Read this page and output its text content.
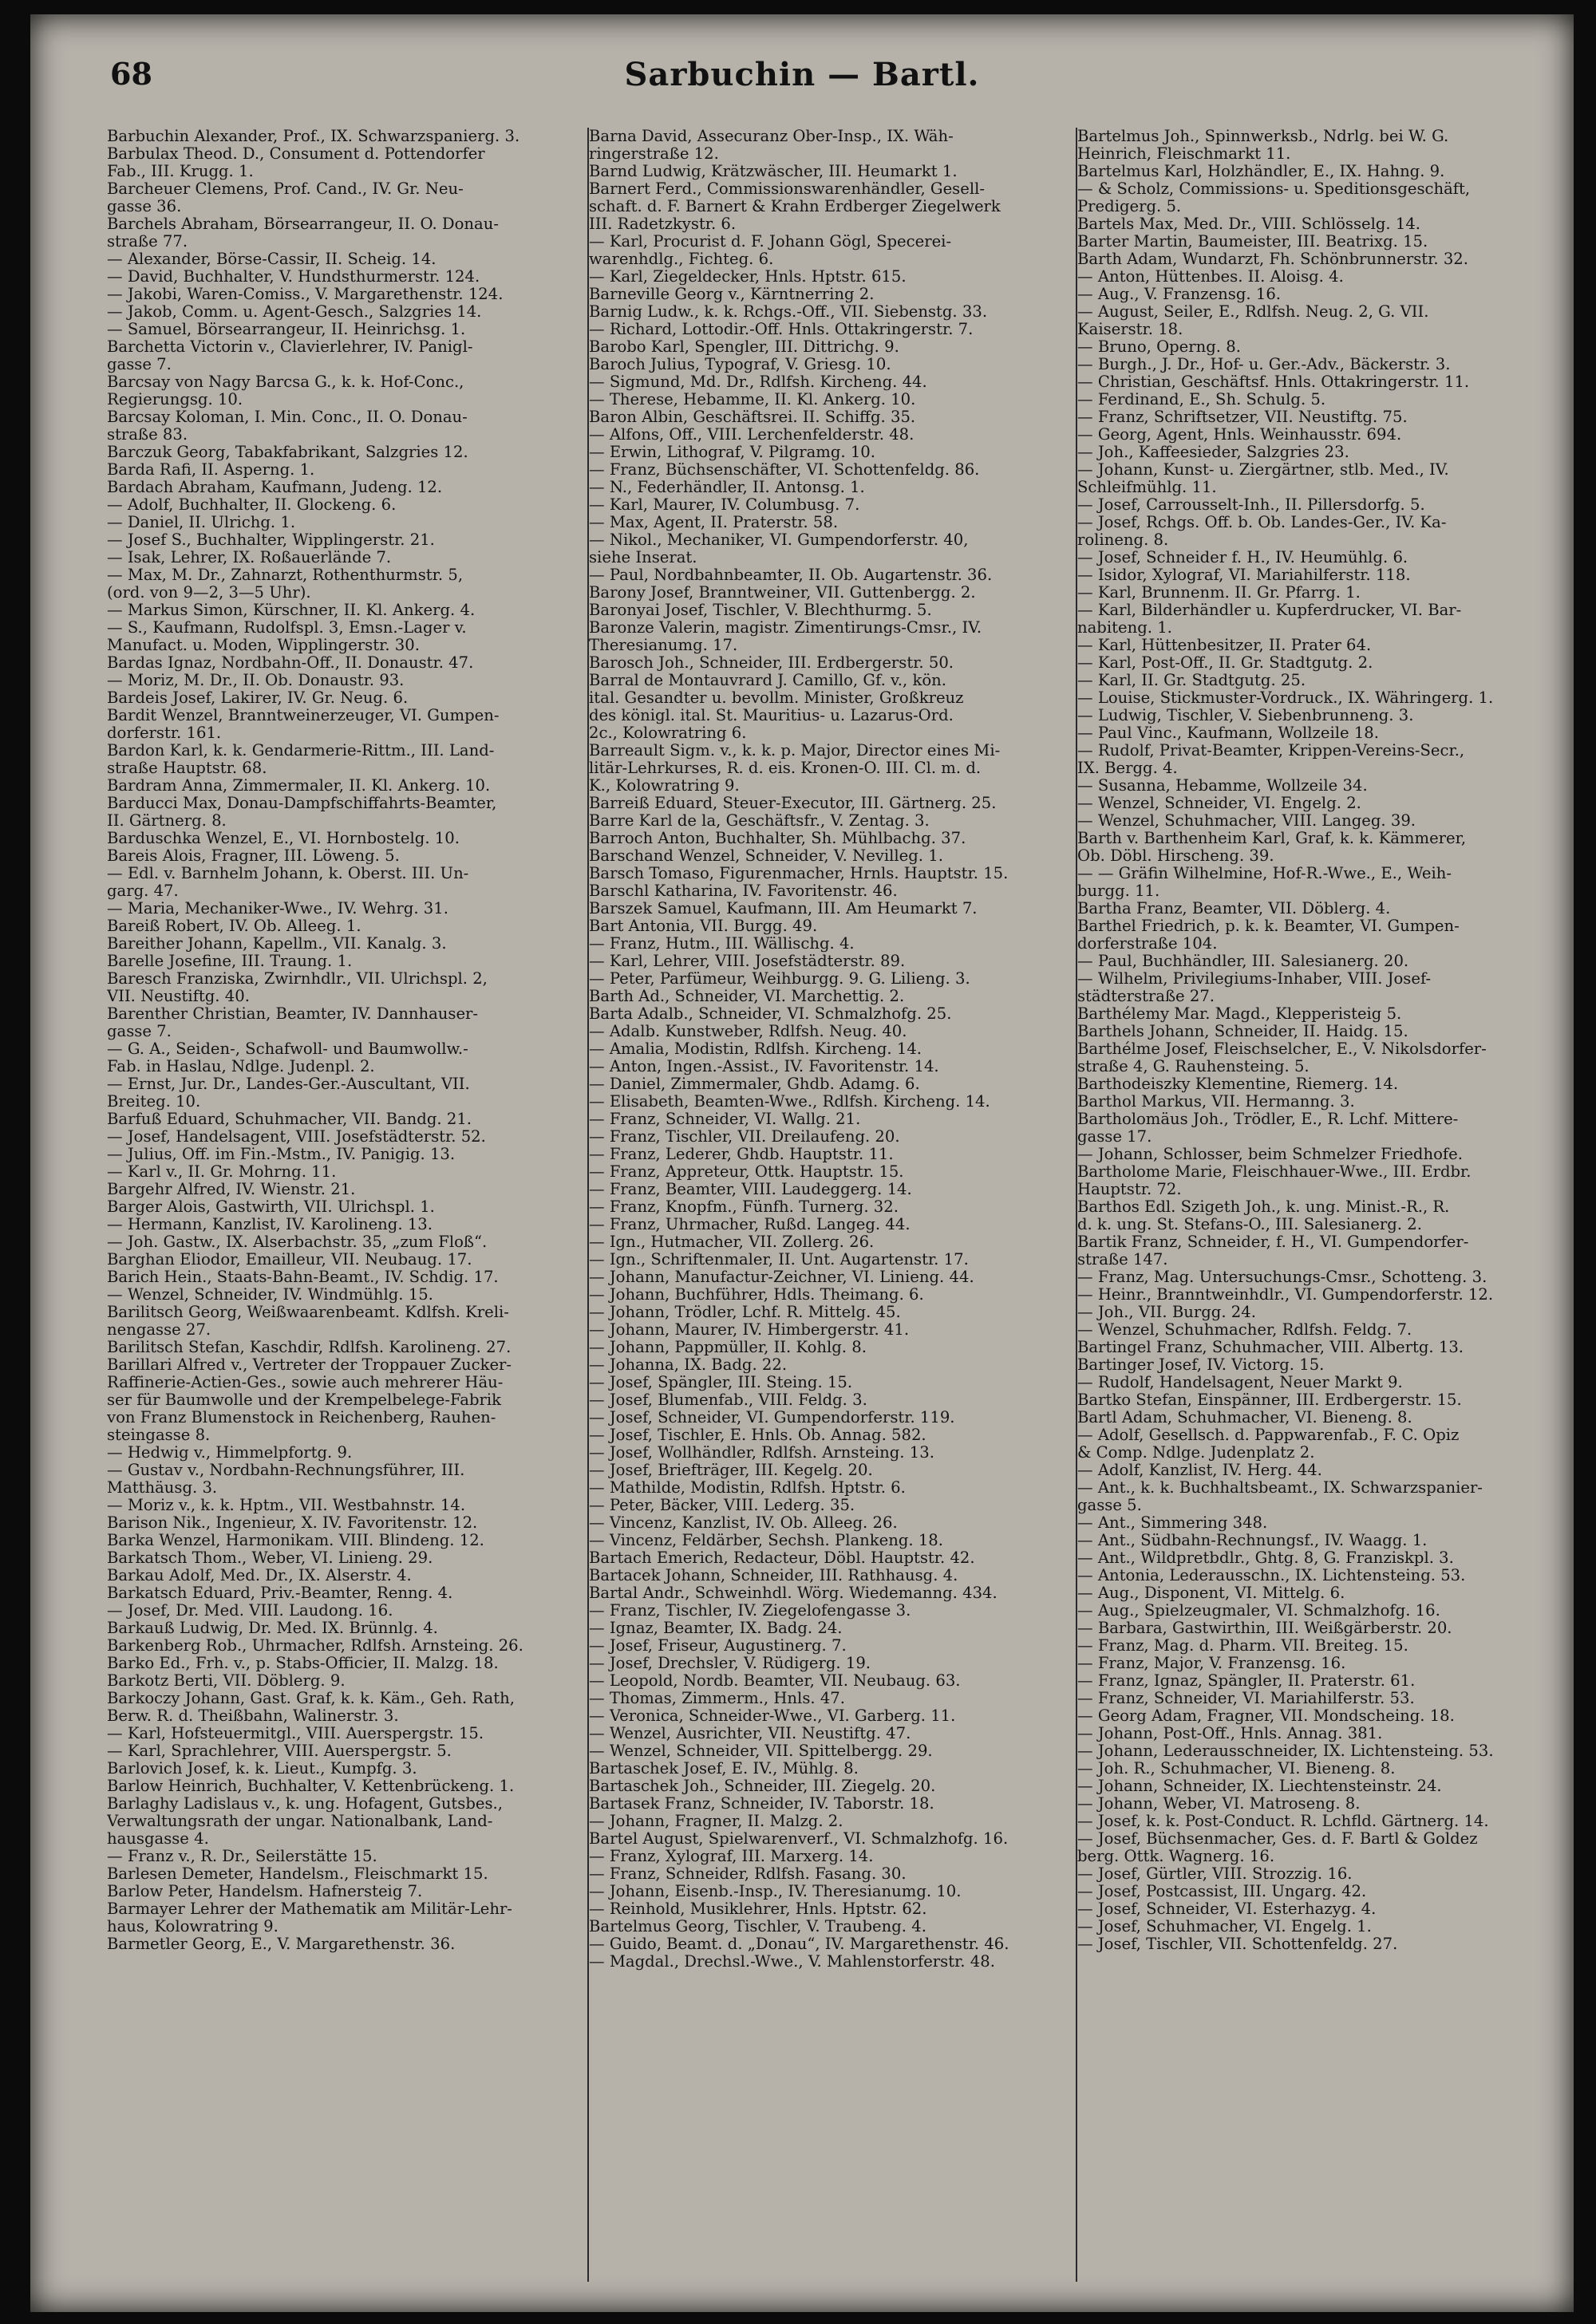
68	Sarbuchin — Bartl.
Barbuchin Alexander, Prof., IX. Schwarzspanierg. 3.
Barbulax Theod. D., Consument d. Pottendorfer
Fab., III. Krugg. 1.
Barcheuer Clemens, Prof. Cand., IV. Gr. Neu-
gasse 36.
Barchels Abraham, Börsearrangeur, II. O. Donau-
straße 77.
— Alexander, Börse-Cassir, II. Scheig. 14.
— David, Buchhalter, V. Hundsthurmerstr. 124.
— Jakobi, Waren-Comiss., V. Margarethenstr. 124.
— Jakob, Comm. u. Agent-Gesch., Salzgries 14.
— Samuel, Börsearrangeur, II. Heinrichsg. 1.
Barchetta Victorin v., Clavierlehrer, IV. Panigl-
gasse 7.
Barcsay von Nagy Barcsa G., k. k. Hof-Conc.,
Regierungsg. 10.
Barcsay Koloman, I. Min. Conc., II. O. Donau-
straße 83.
Barczuk Georg, Tabakfabrikant, Salzgries 12.
Barda Rafi, II. Asperng. 1.
Bardach Abraham, Kaufmann, Judeng. 12.
— Adolf, Buchhalter, II. Glockeng. 6.
— Daniel, II. Ulrichg. 1.
— Josef S., Buchhalter, Wipplingerstr. 21.
— Isak, Lehrer, IX. Roßauerlände 7.
— Max, M. Dr., Zahnarzt, Rothenthurmstr. 5,
(ord. von 9—2, 3—5 Uhr).
— Markus Simon, Kürschner, II. Kl. Ankerg. 4.
— S., Kaufmann, Rudolfspl. 3, Emsn.-Lager v.
Manufact. u. Moden, Wipplingerstr. 30.
Bardas Ignaz, Nordbahn-Off., II. Donaustr. 47.
— Moriz, M. Dr., II. Ob. Donaustr. 93.
Bardeis Josef, Lakirer, IV. Gr. Neug. 6.
Bardit Wenzel, Branntweinerzeuger, VI. Gumpen-
dorferstr. 161.
Bardon Karl, k. k. Gendarmerie-Rittm., III. Land-
straße Hauptstr. 68.
Bardram Anna, Zimmermaler, II. Kl. Ankerg. 10.
Barducci Max, Donau-Dampfschiffahrts-Beamter,
II. Gärtnerg. 8.
Barduschka Wenzel, E., VI. Hornbostelg. 10.
Bareis Alois, Fragner, III. Löweng. 5.
— Edl. v. Barnhelm Johann, k. Oberst. III. Un-
garg. 47.
— Maria, Mechaniker-Wwe., IV. Wehrg. 31.
Bareiß Robert, IV. Ob. Alleeg. 1.
Bareither Johann, Kapellm., VII. Kanalg. 3.
Barelle Josefine, III. Traung. 1.
Baresch Franziska, Zwirnhdlr., VII. Ulrichspl. 2,
VII. Neustiftg. 40.
Barenther Christian, Beamter, IV. Dannhauser-
gasse 7.
— G. A., Seiden-, Schafwoll- und Baumwollw.-
Fab. in Haslau, Ndlge. Judenpl. 2.
— Ernst, Jur. Dr., Landes-Ger.-Auscultant, VII.
Breiteg. 10.
Barfuß Eduard, Schuhmacher, VII. Bandg. 21.
— Josef, Handelsagent, VIII. Josefstädterstr. 52.
— Julius, Off. im Fin.-Mstm., IV. Panigig. 13.
— Karl v., II. Gr. Mohrng. 11.
Bargehr Alfred, IV. Wienstr. 21.
Barger Alois, Gastwirth, VII. Ulrichspl. 1.
— Hermann, Kanzlist, IV. Karolineng. 13.
— Joh. Gastw., IX. Alserbachstr. 35, „zum Floß“.
Barghan Eliodor, Emailleur, VII. Neubaug. 17.
Barich Hein., Staats-Bahn-Beamt., IV. Schdig. 17.
— Wenzel, Schneider, IV. Windmühlg. 15.
Barilitsch Georg, Weißwaarenbeamt. Kdlfsh. Kreli-
nengasse 27.
Barilitsch Stefan, Kaschdir, Rdlfsh. Karolineng. 27.
Barillari Alfred v., Vertreter der Troppauer Zucker-
Raffinerie-Actien-Ges., sowie auch mehrerer Häu-
ser für Baumwolle und der Krempelbelege-Fabrik
von Franz Blumenstock in Reichenberg, Rauhen-
steingasse 8.
— Hedwig v., Himmelpfortg. 9.
— Gustav v., Nordbahn-Rechnungsführer, III.
Matthäusg. 3.
— Moriz v., k. k. Hptm., VII. Westbahnstr. 14.
Barison Nik., Ingenieur, X. IV. Favoritenstr. 12.
Barka Wenzel, Harmonikam. VIII. Blindeng. 12.
Barkatsch Thom., Weber, VI. Linieng. 29.
Barkau Adolf, Med. Dr., IX. Alserstr. 4.
Barkatsch Eduard, Priv.-Beamter, Renng. 4.
— Josef, Dr. Med. VIII. Laudong. 16.
Barkauß Ludwig, Dr. Med. IX. Brünnlg. 4.
Barkenberg Rob., Uhrmacher, Rdlfsh. Arnsteing. 26.
Barko Ed., Frh. v., p. Stabs-Officier, II. Malzg. 18.
Barkotz Berti, VII. Döblerg. 9.
Barkoczy Johann, Gast. Graf, k. k. Käm., Geh. Rath,
Berw. R. d. Theißbahn, Walinerstr. 3.
— Karl, Hofsteuermitgl., VIII. Auerspergstr. 15.
— Karl, Sprachlehrer, VIII. Auerspergstr. 5.
Barlovich Josef, k. k. Lieut., Kumpfg. 3.
Barlow Heinrich, Buchhalter, V. Kettenbrückeng. 1.
Barlaghy Ladislaus v., k. ung. Hofagent, Gutsbes.,
Verwaltungsrath der ungar. Nationalbank, Land-
hausgasse 4.
— Franz v., R. Dr., Seilerstätte 15.
Barlesen Demeter, Handelsm., Fleischmarkt 15.
Barlow Peter, Handelsm. Hafnersteig 7.
Barmayer Lehrer der Mathematik am Militär-Lehr-
haus, Kolowratring 9.
Barmetler Georg, E., V. Margarethenstr. 36.
Barna David, Assecuranz Ober-Insp., IX. Wäh-
ringerstraße 12.
Barnd Ludwig, Krätzwäscher, III. Heumarkt 1.
Barnert Ferd., Commissionswarenhändler, Gesell-
schaft. d. F. Barnert & Krahn Erdberger Ziegelwerk
III. Radetzkystr. 6.
— Karl, Procurist d. F. Johann Gögl, Specerei-
warenhdlg., Fichteg. 6.
— Karl, Ziegeldecker, Hnls. Hptstr. 615.
Barneville Georg v., Kärntnerring 2.
Barnig Ludw., k. k. Rchgs.-Off., VII. Siebenstg. 33.
— Richard, Lottodir.-Off. Hnls. Ottakringerstr. 7.
Barobo Karl, Spengler, III. Dittrichg. 9.
Baroch Julius, Typograf, V. Griesg. 10.
— Sigmund, Md. Dr., Rdlfsh. Kircheng. 44.
— Therese, Hebamme, II. Kl. Ankerg. 10.
Baron Albin, Geschäftsrei. II. Schiffg. 35.
— Alfons, Off., VIII. Lerchenfelderstr. 48.
— Erwin, Lithograf, V. Pilgramg. 10.
— Franz, Büchsenschäfter, VI. Schottenfeldg. 86.
— N., Federhändler, II. Antonsg. 1.
— Karl, Maurer, IV. Columbusg. 7.
— Max, Agent, II. Praterstr. 58.
— Nikol., Mechaniker, VI. Gumpendorferstr. 40,
siehe Inserat.
— Paul, Nordbahnbeamter, II. Ob. Augartenstr. 36.
Barony Josef, Branntweiner, VII. Guttenbergg. 2.
Baronyai Josef, Tischler, V. Blechthurmg. 5.
Baronze Valerin, magistr. Zimentirungs-Cmsr., IV.
Theresianumg. 17.
Barosch Joh., Schneider, III. Erdbergerstr. 50.
Barral de Montauvrard J. Camillo, Gf. v., kön.
ital. Gesandter u. bevollm. Minister, Großkreuz
des königl. ital. St. Mauritius- u. Lazarus-Ord.
2c., Kolowratring 6.
Barreault Sigm. v., k. k. p. Major, Director eines Mi-
litär-Lehrkurses, R. d. eis. Kronen-O. III. Cl. m. d.
K., Kolowratring 9.
Barreiß Eduard, Steuer-Executor, III. Gärtnerg. 25.
Barre Karl de la, Geschäftsfr., V. Zentag. 3.
Barroch Anton, Buchhalter, Sh. Mühlbachg. 37.
Barschand Wenzel, Schneider, V. Nevilleg. 1.
Barsch Tomaso, Figurenmacher, Hrnls. Hauptstr. 15.
Barschl Katharina, IV. Favoritenstr. 46.
Barszek Samuel, Kaufmann, III. Am Heumarkt 7.
Bart Antonia, VII. Burgg. 49.
— Franz, Hutm., III. Wällischg. 4.
— Karl, Lehrer, VIII. Josefstädterstr. 89.
— Peter, Parfümeur, Weihburgg. 9. G. Lilieng. 3.
Barth Ad., Schneider, VI. Marchettig. 2.
Barta Adalb., Schneider, VI. Schmalzhofg. 25.
— Adalb. Kunstweber, Rdlfsh. Neug. 40.
— Amalia, Modistin, Rdlfsh. Kircheng. 14.
— Anton, Ingen.-Assist., IV. Favoritenstr. 14.
— Daniel, Zimmermaler, Ghdb. Adamg. 6.
— Elisabeth, Beamten-Wwe., Rdlfsh. Kircheng. 14.
— Franz, Schneider, VI. Wallg. 21.
— Franz, Tischler, VII. Dreilaufeng. 20.
— Franz, Lederer, Ghdb. Hauptstr. 11.
— Franz, Appreteur, Ottk. Hauptstr. 15.
— Franz, Beamter, VIII. Laudeggerg. 14.
— Franz, Knopfm., Fünfh. Turnerg. 32.
— Franz, Uhrmacher, Rußd. Langeg. 44.
— Ign., Hutmacher, VII. Zollerg. 26.
— Ign., Schriftenmaler, II. Unt. Augartenstr. 17.
— Johann, Manufactur-Zeichner, VI. Linieng. 44.
— Johann, Buchführer, Hdls. Theimang. 6.
— Johann, Trödler, Lchf. R. Mittelg. 45.
— Johann, Maurer, IV. Himbergerstr. 41.
— Johann, Pappmüller, II. Kohlg. 8.
— Johanna, IX. Badg. 22.
— Josef, Spängler, III. Steing. 15.
— Josef, Blumenfab., VIII. Feldg. 3.
— Josef, Schneider, VI. Gumpendorferstr. 119.
— Josef, Tischler, E. Hnls. Ob. Annag. 582.
— Josef, Wollhändler, Rdlfsh. Arnsteing. 13.
— Josef, Briefträger, III. Kegelg. 20.
— Mathilde, Modistin, Rdlfsh. Hptstr. 6.
— Peter, Bäcker, VIII. Lederg. 35.
— Vincenz, Kanzlist, IV. Ob. Alleeg. 26.
— Vincenz, Feldärber, Sechsh. Plankeng. 18.
Bartach Emerich, Redacteur, Döbl. Hauptstr. 42.
Bartacek Johann, Schneider, III. Rathhausg. 4.
Bartal Andr., Schweinhdl. Wörg. Wiedemanng. 434.
— Franz, Tischler, IV. Ziegelofengasse 3.
— Ignaz, Beamter, IX. Badg. 24.
— Josef, Friseur, Augustinerg. 7.
— Josef, Drechsler, V. Rüdigerg. 19.
— Leopold, Nordb. Beamter, VII. Neubaug. 63.
— Thomas, Zimmerm., Hnls. 47.
— Veronica, Schneider-Wwe., VI. Garberg. 11.
— Wenzel, Ausrichter, VII. Neustiftg. 47.
— Wenzel, Schneider, VII. Spittelbergg. 29.
Bartaschek Josef, E. IV., Mühlg. 8.
Bartaschek Joh., Schneider, III. Ziegelg. 20.
Bartasek Franz, Schneider, IV. Taborstr. 18.
— Johann, Fragner, II. Malzg. 2.
Bartel August, Spielwarenverf., VI. Schmalzhofg. 16.
— Franz, Xylograf, III. Marxerg. 14.
— Franz, Schneider, Rdlfsh. Fasang. 30.
— Johann, Eisenb.-Insp., IV. Theresianumg. 10.
— Reinhold, Musiklehrer, Hnls. Hptstr. 62.
Bartelmus Georg, Tischler, V. Traubeng. 4.
— Guido, Beamt. d. „Donau“, IV. Margarethenstr. 46.
— Magdal., Drechsl.-Wwe., V. Mahlenstorferstr. 48.
Bartelmus Joh., Spinnwerksb., Ndrlg. bei W. G.
Heinrich, Fleischmarkt 11.
Bartelmus Karl, Holzhändler, E., IX. Hahng. 9.
— & Scholz, Commissions- u. Speditionsgeschäft,
Predigerg. 5.
Bartels Max, Med. Dr., VIII. Schlösselg. 14.
Barter Martin, Baumeister, III. Beatrixg. 15.
Barth Adam, Wundarzt, Fh. Schönbrunnerstr. 32.
— Anton, Hüttenbes. II. Aloisg. 4.
— Aug., V. Franzensg. 16.
— August, Seiler, E., Rdlfsh. Neug. 2, G. VII.
Kaiserstr. 18.
— Bruno, Operng. 8.
— Burgh., J. Dr., Hof- u. Ger.-Adv., Bäckerstr. 3.
— Christian, Geschäftsf. Hnls. Ottakringerstr. 11.
— Ferdinand, E., Sh. Schulg. 5.
— Franz, Schriftsetzer, VII. Neustiftg. 75.
— Georg, Agent, Hnls. Weinhausstr. 694.
— Joh., Kaffeesieder, Salzgries 23.
— Johann, Kunst- u. Ziergärtner, stlb. Med., IV.
Schleifmühlg. 11.
— Josef, Carrousselt-Inh., II. Pillersdorfg. 5.
— Josef, Rchgs. Off. b. Ob. Landes-Ger., IV. Ka-
rolineng. 8.
— Josef, Schneider f. H., IV. Heumühlg. 6.
— Isidor, Xylograf, VI. Mariahilferstr. 118.
— Karl, Brunnenm. II. Gr. Pfarrg. 1.
— Karl, Bilderhändler u. Kupferdrucker, VI. Bar-
nabiteng. 1.
— Karl, Hüttenbesitzer, II. Prater 64.
— Karl, Post-Off., II. Gr. Stadtgutg. 2.
— Karl, II. Gr. Stadtgutg. 25.
— Louise, Stickmuster-Vordruck., IX. Währingerg. 1.
— Ludwig, Tischler, V. Siebenbrunneng. 3.
— Paul Vinc., Kaufmann, Wollzeile 18.
— Rudolf, Privat-Beamter, Krippen-Vereins-Secr.,
IX. Bergg. 4.
— Susanna, Hebamme, Wollzeile 34.
— Wenzel, Schneider, VI. Engelg. 2.
— Wenzel, Schuhmacher, VIII. Langeg. 39.
Barth v. Barthenheim Karl, Graf, k. k. Kämmerer,
Ob. Döbl. Hirscheng. 39.
— — Gräfin Wilhelmine, Hof-R.-Wwe., E., Weih-
burgg. 11.
Bartha Franz, Beamter, VII. Döblerg. 4.
Barthel Friedrich, p. k. k. Beamter, VI. Gumpen-
dorferstraße 104.
— Paul, Buchhändler, III. Salesianerg. 20.
— Wilhelm, Privilegiums-Inhaber, VIII. Josef-
städterstraße 27.
Barthélemy Mar. Magd., Klepperisteig 5.
Barthels Johann, Schneider, II. Haidg. 15.
Barthélme Josef, Fleischselcher, E., V. Nikolsdorfer-
straße 4, G. Rauhensteing. 5.
Barthodeiszky Klementine, Riemerg. 14.
Barthol Markus, VII. Hermanng. 3.
Bartholomäus Joh., Trödler, E., R. Lchf. Mittere-
gasse 17.
— Johann, Schlosser, beim Schmelzer Friedhofe.
Bartholome Marie, Fleischhauer-Wwe., III. Erdbr.
Hauptstr. 72.
Barthos Edl. Szigeth Joh., k. ung. Minist.-R., R.
d. k. ung. St. Stefans-O., III. Salesianerg. 2.
Bartik Franz, Schneider, f. H., VI. Gumpendorfer-
straße 147.
— Franz, Mag. Untersuchungs-Cmsr., Schotteng. 3.
— Heinr., Branntweinhdlr., VI. Gumpendorferstr. 12.
— Joh., VII. Burgg. 24.
— Wenzel, Schuhmacher, Rdlfsh. Feldg. 7.
Bartingel Franz, Schuhmacher, VIII. Albertg. 13.
Bartinger Josef, IV. Victorg. 15.
— Rudolf, Handelsagent, Neuer Markt 9.
Bartko Stefan, Einspänner, III. Erdbergerstr. 15.
Bartl Adam, Schuhmacher, VI. Bieneng. 8.
— Adolf, Gesellsch. d. Pappwarenfab., F. C. Opiz
& Comp. Ndlge. Judenplatz 2.
— Adolf, Kanzlist, IV. Herg. 44.
— Ant., k. k. Buchhaltsbeamt., IX. Schwarzspanier-
gasse 5.
— Ant., Simmering 348.
— Ant., Südbahn-Rechnungsf., IV. Waagg. 1.
— Ant., Wildpretbdlr., Ghtg. 8, G. Franziskpl. 3.
— Antonia, Lederausschn., IX. Lichtensteing. 53.
— Aug., Disponent, VI. Mittelg. 6.
— Aug., Spielzeugmaler, VI. Schmalzhofg. 16.
— Barbara, Gastwirthin, III. Weißgärberstr. 20.
— Franz, Mag. d. Pharm. VII. Breiteg. 15.
— Franz, Major, V. Franzensg. 16.
— Franz, Ignaz, Spängler, II. Praterstr. 61.
— Franz, Schneider, VI. Mariahilferstr. 53.
— Georg Adam, Fragner, VII. Mondscheing. 18.
— Johann, Post-Off., Hnls. Annag. 381.
— Johann, Lederausschneider, IX. Lichtensteing. 53.
— Joh. R., Schuhmacher, VI. Bieneng. 8.
— Johann, Schneider, IX. Liechtensteinstr. 24.
— Johann, Weber, VI. Matroseng. 8.
— Josef, k. k. Post-Conduct. R. Lchfld. Gärtnerg. 14.
— Josef, Büchsenmacher, Ges. d. F. Bartl & Goldez
berg. Ottk. Wagnerg. 16.
— Josef, Gürtler, VIII. Strozzig. 16.
— Josef, Postcassist, III. Ungarg. 42.
— Josef, Schneider, VI. Esterhazyg. 4.
— Josef, Schuhmacher, VI. Engelg. 1.
— Josef, Tischler, VII. Schottenfeldg. 27.
